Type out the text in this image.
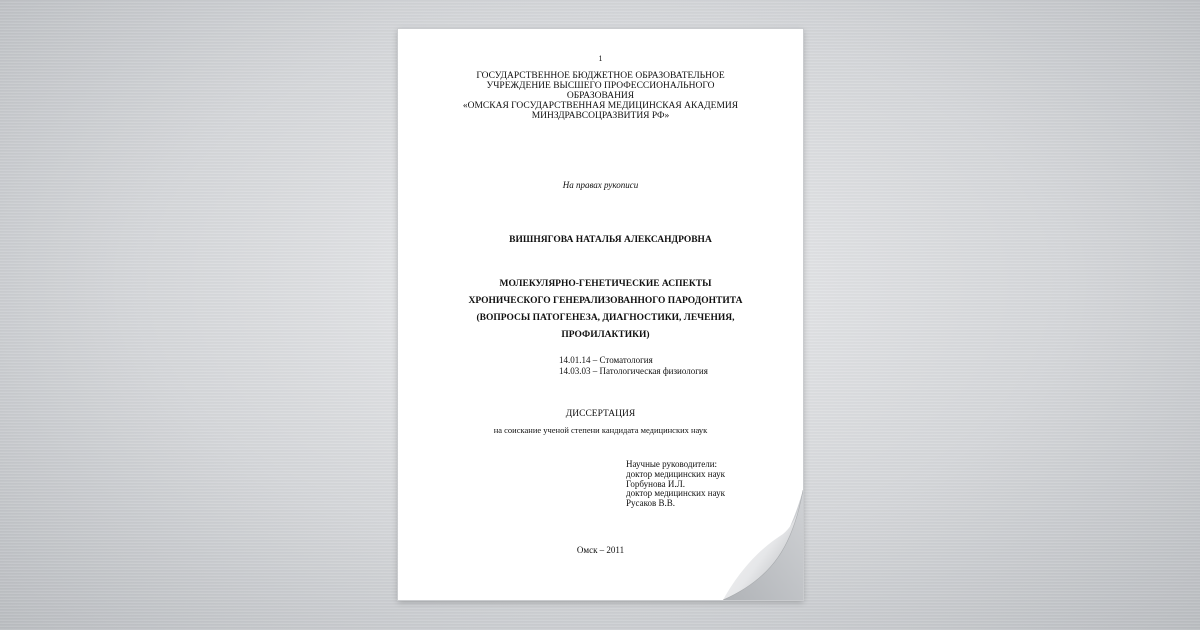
1
ГОСУДАРСТВЕННОЕ БЮДЖЕТНОЕ ОБРАЗОВАТЕЛЬНОЕ
УЧРЕЖДЕНИЕ ВЫСШЕГО ПРОФЕССИОНАЛЬНОГО
ОБРАЗОВАНИЯ
«ОМСКАЯ ГОСУДАРСТВЕННАЯ МЕДИЦИНСКАЯ АКАДЕМИЯ
МИНЗДРАВСОЦРАЗВИТИЯ РФ»
На правах рукописи
ВИШНЯГОВА НАТАЛЬЯ АЛЕКСАНДРОВНА
МОЛЕКУЛЯРНО-ГЕНЕТИЧЕСКИЕ АСПЕКТЫ
ХРОНИЧЕСКОГО ГЕНЕРАЛИЗОВАННОГО ПАРОДОНТИТА
(ВОПРОСЫ ПАТОГЕНЕЗА, ДИАГНОСТИКИ, ЛЕЧЕНИЯ,
ПРОФИЛАКТИКИ)
14.01.14 – Стоматология
14.03.03 – Патологическая физиология
ДИССЕРТАЦИЯ
на соискание ученой степени кандидата медицинских наук
Научные руководители:
доктор медицинских наук
Горбунова И.Л.
доктор медицинских наук
Русаков В.В.
Омск – 2011
